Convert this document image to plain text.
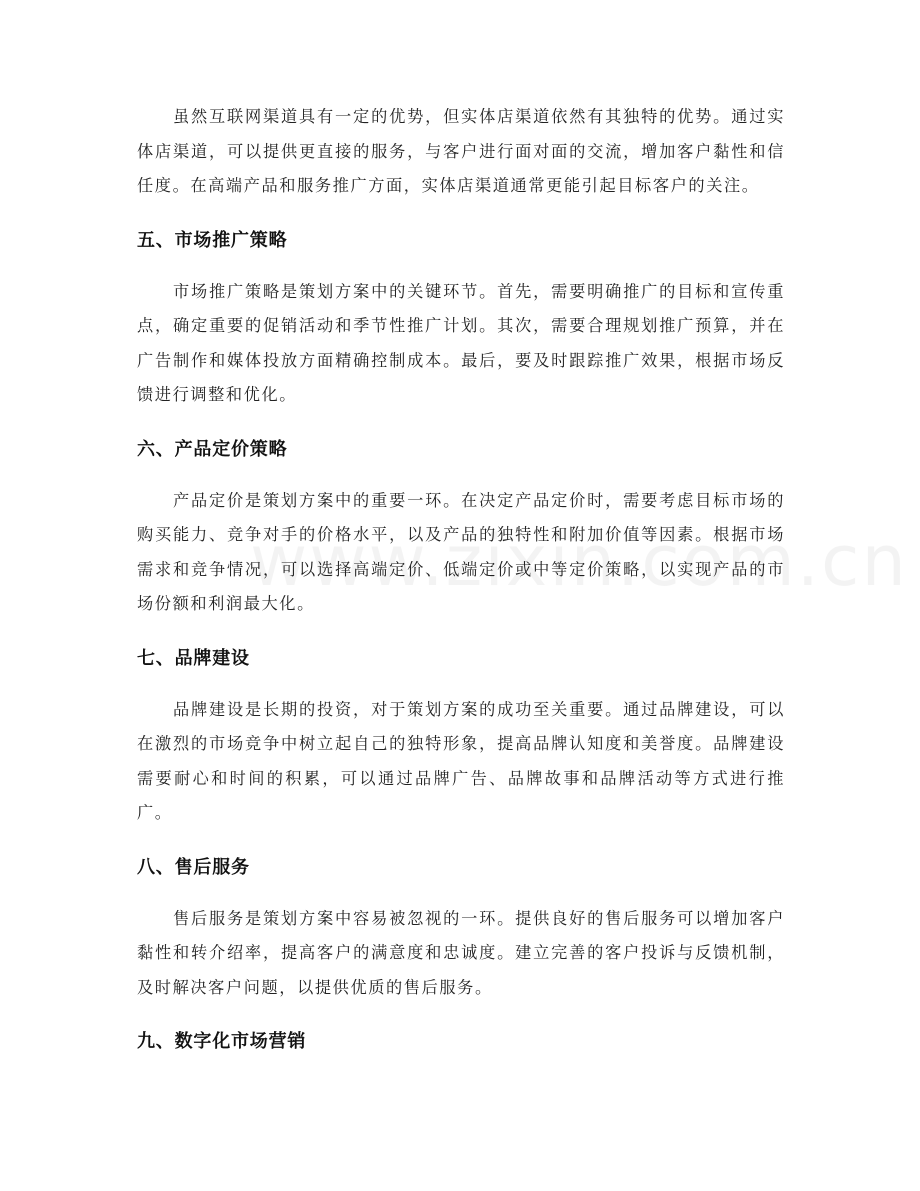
虽然互联网渠道具有一定的优势，但实体店渠道依然有其独特的优势。通过实体店渠道，可以提供更直接的服务，与客户进行面对面的交流，增加客户黏性和信任度。在高端产品和服务推广方面，实体店渠道通常更能引起目标客户的关注。

五、市场推广策略

市场推广策略是策划方案中的关键环节。首先，需要明确推广的目标和宣传重点，确定重要的促销活动和季节性推广计划。其次，需要合理规划推广预算，并在广告制作和媒体投放方面精确控制成本。最后，要及时跟踪推广效果，根据市场反馈进行调整和优化。

六、产品定价策略

产品定价是策划方案中的重要一环。在决定产品定价时，需要考虑目标市场的购买能力、竞争对手的价格水平，以及产品的独特性和附加价值等因素。根据市场需求和竞争情况，可以选择高端定价、低端定价或中等定价策略，以实现产品的市场份额和利润最大化。

七、品牌建设

品牌建设是长期的投资，对于策划方案的成功至关重要。通过品牌建设，可以在激烈的市场竞争中树立起自己的独特形象，提高品牌认知度和美誉度。品牌建设需要耐心和时间的积累，可以通过品牌广告、品牌故事和品牌活动等方式进行推广。

八、售后服务

售后服务是策划方案中容易被忽视的一环。提供良好的售后服务可以增加客户黏性和转介绍率，提高客户的满意度和忠诚度。建立完善的客户投诉与反馈机制，及时解决客户问题，以提供优质的售后服务。

九、数字化市场营销
